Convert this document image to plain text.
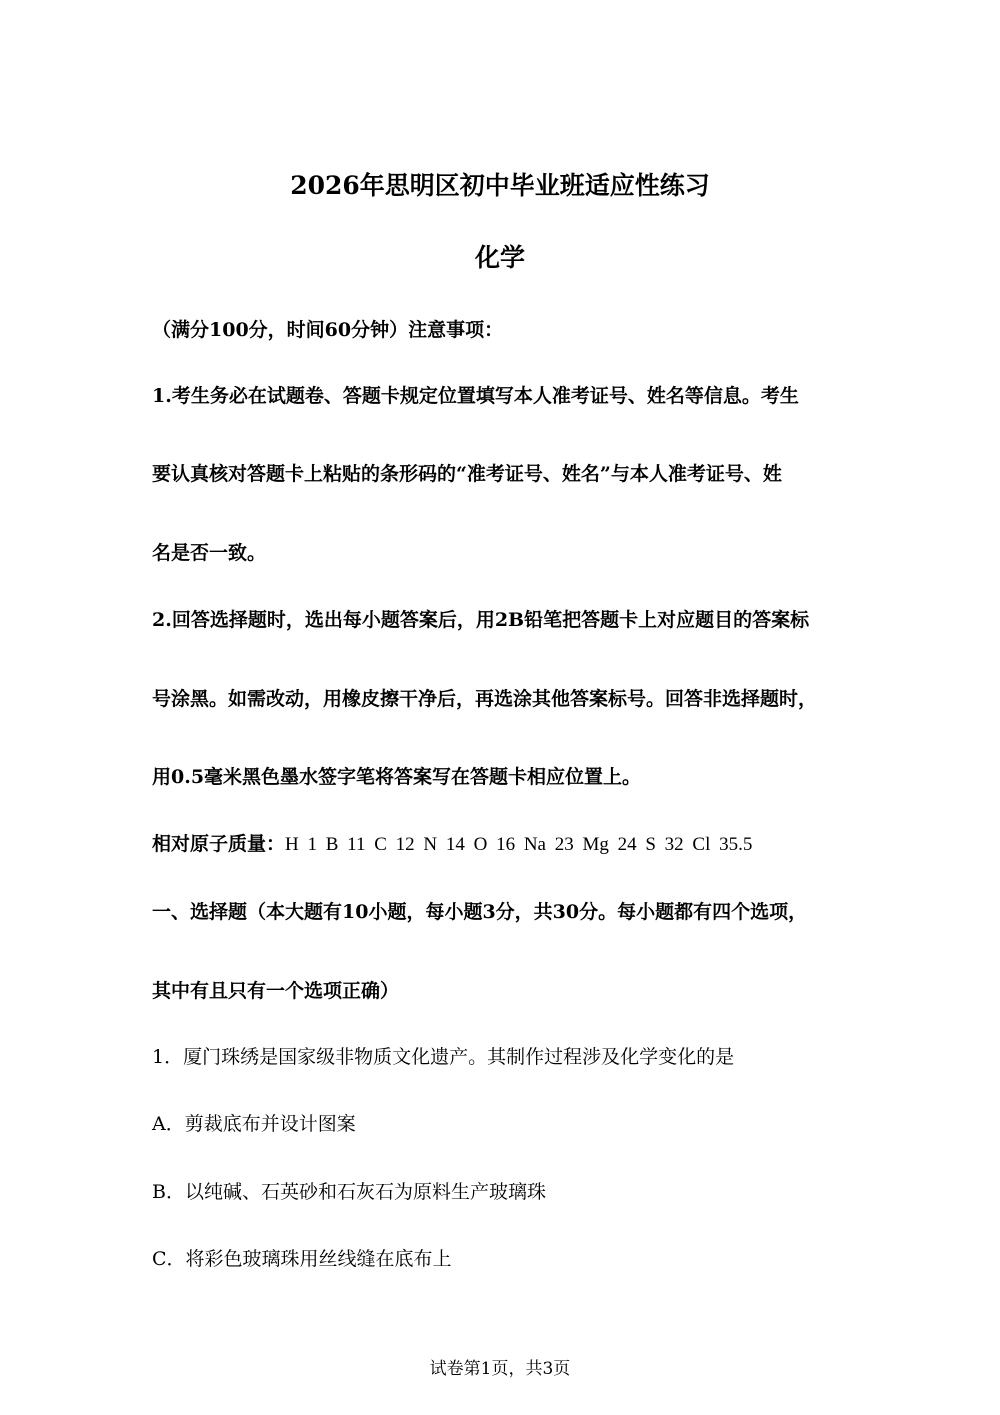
2026年思明区初中毕业班适应性练习
化学
（满分100分，时间60分钟）注意事项：
1.考生务必在试题卷、答题卡规定位置填写本人准考证号、姓名等信息。考生
要认真核对答题卡上粘贴的条形码的“准考证号、姓名”与本人准考证号、姓
名是否一致。
2.回答选择题时，选出每小题答案后，用2B铅笔把答题卡上对应题目的答案标
号涂黑。如需改动，用橡皮擦干净后，再选涂其他答案标号。回答非选择题时，
用0.5毫米黑色墨水签字笔将答案写在答题卡相应位置上。
相对原子质量：H 1 B 11 C 12 N 14 O 16 Na 23 Mg 24 S 32 Cl 35.5
一、选择题（本大题有10小题，每小题3分，共30分。每小题都有四个选项，
其中有且只有一个选项正确）
1．厦门珠绣是国家级非物质文化遗产。其制作过程涉及化学变化的是
A．剪裁底布并设计图案
B．以纯碱、石英砂和石灰石为原料生产玻璃珠
C．将彩色玻璃珠用丝线缝在底布上
试卷第1页，共3页
